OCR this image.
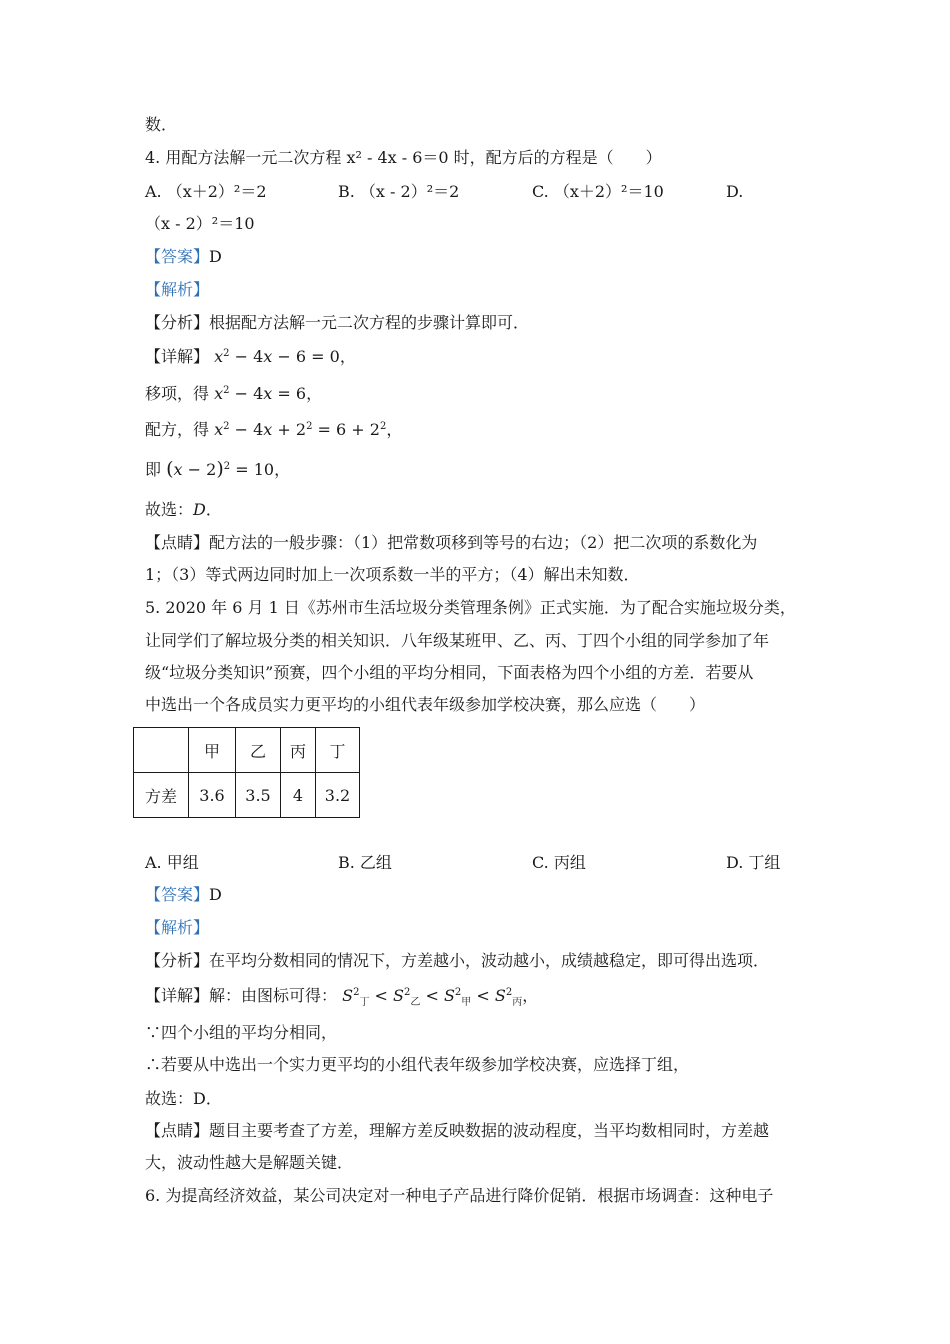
数．
4. 用配方法解一元二次方程 x² - 4x - 6＝0 时，配方后的方程是（　　）
A. （x＋2）²＝2	B. （x - 2）²＝2	C. （x＋2）²＝10	D.
（x - 2）²＝10
【答案】D
【解析】
【分析】根据配方法解一元二次方程的步骤计算即可．
【详解】 $x^2 - 4x - 6 = 0$，
移项，得 $x^2 - 4x = 6$，
配方，得 $x^2 - 4x + 2^2 = 6 + 2^2$，
即 $(x - 2)^2 = 10$，
故选：D．
【点睛】配方法的一般步骤：（1）把常数项移到等号的右边；（2）把二次项的系数化为
1；（3）等式两边同时加上一次项系数一半的平方；（4）解出未知数．
5. 2020 年 6 月 1 日《苏州市生活垃圾分类管理条例》正式实施．为了配合实施垃圾分类，
让同学们了解垃圾分类的相关知识．八年级某班甲、乙、丙、丁四个小组的同学参加了年
级“垃圾分类知识”预赛，四个小组的平均分相同，下面表格为四个小组的方差．若要从
中选出一个各成员实力更平均的小组代表年级参加学校决赛，那么应选（　　）
	甲	乙	丙	丁
方差	3.6	3.5	4	3.2
A. 甲组	B. 乙组	C. 丙组	D. 丁组
【答案】D
【解析】
【分析】在平均分数相同的情况下，方差越小，波动越小，成绩越稳定，即可得出选项．
【详解】解：由图标可得： $S^2_丁 < S^2_乙 < S^2_甲 < S^2_丙$，
∵四个小组的平均分相同，
∴若要从中选出一个实力更平均的小组代表年级参加学校决赛，应选择丁组，
故选：D．
【点睛】题目主要考查了方差，理解方差反映数据的波动程度，当平均数相同时，方差越
大，波动性越大是解题关键．
6. 为提高经济效益，某公司决定对一种电子产品进行降价促销．根据市场调查：这种电子
